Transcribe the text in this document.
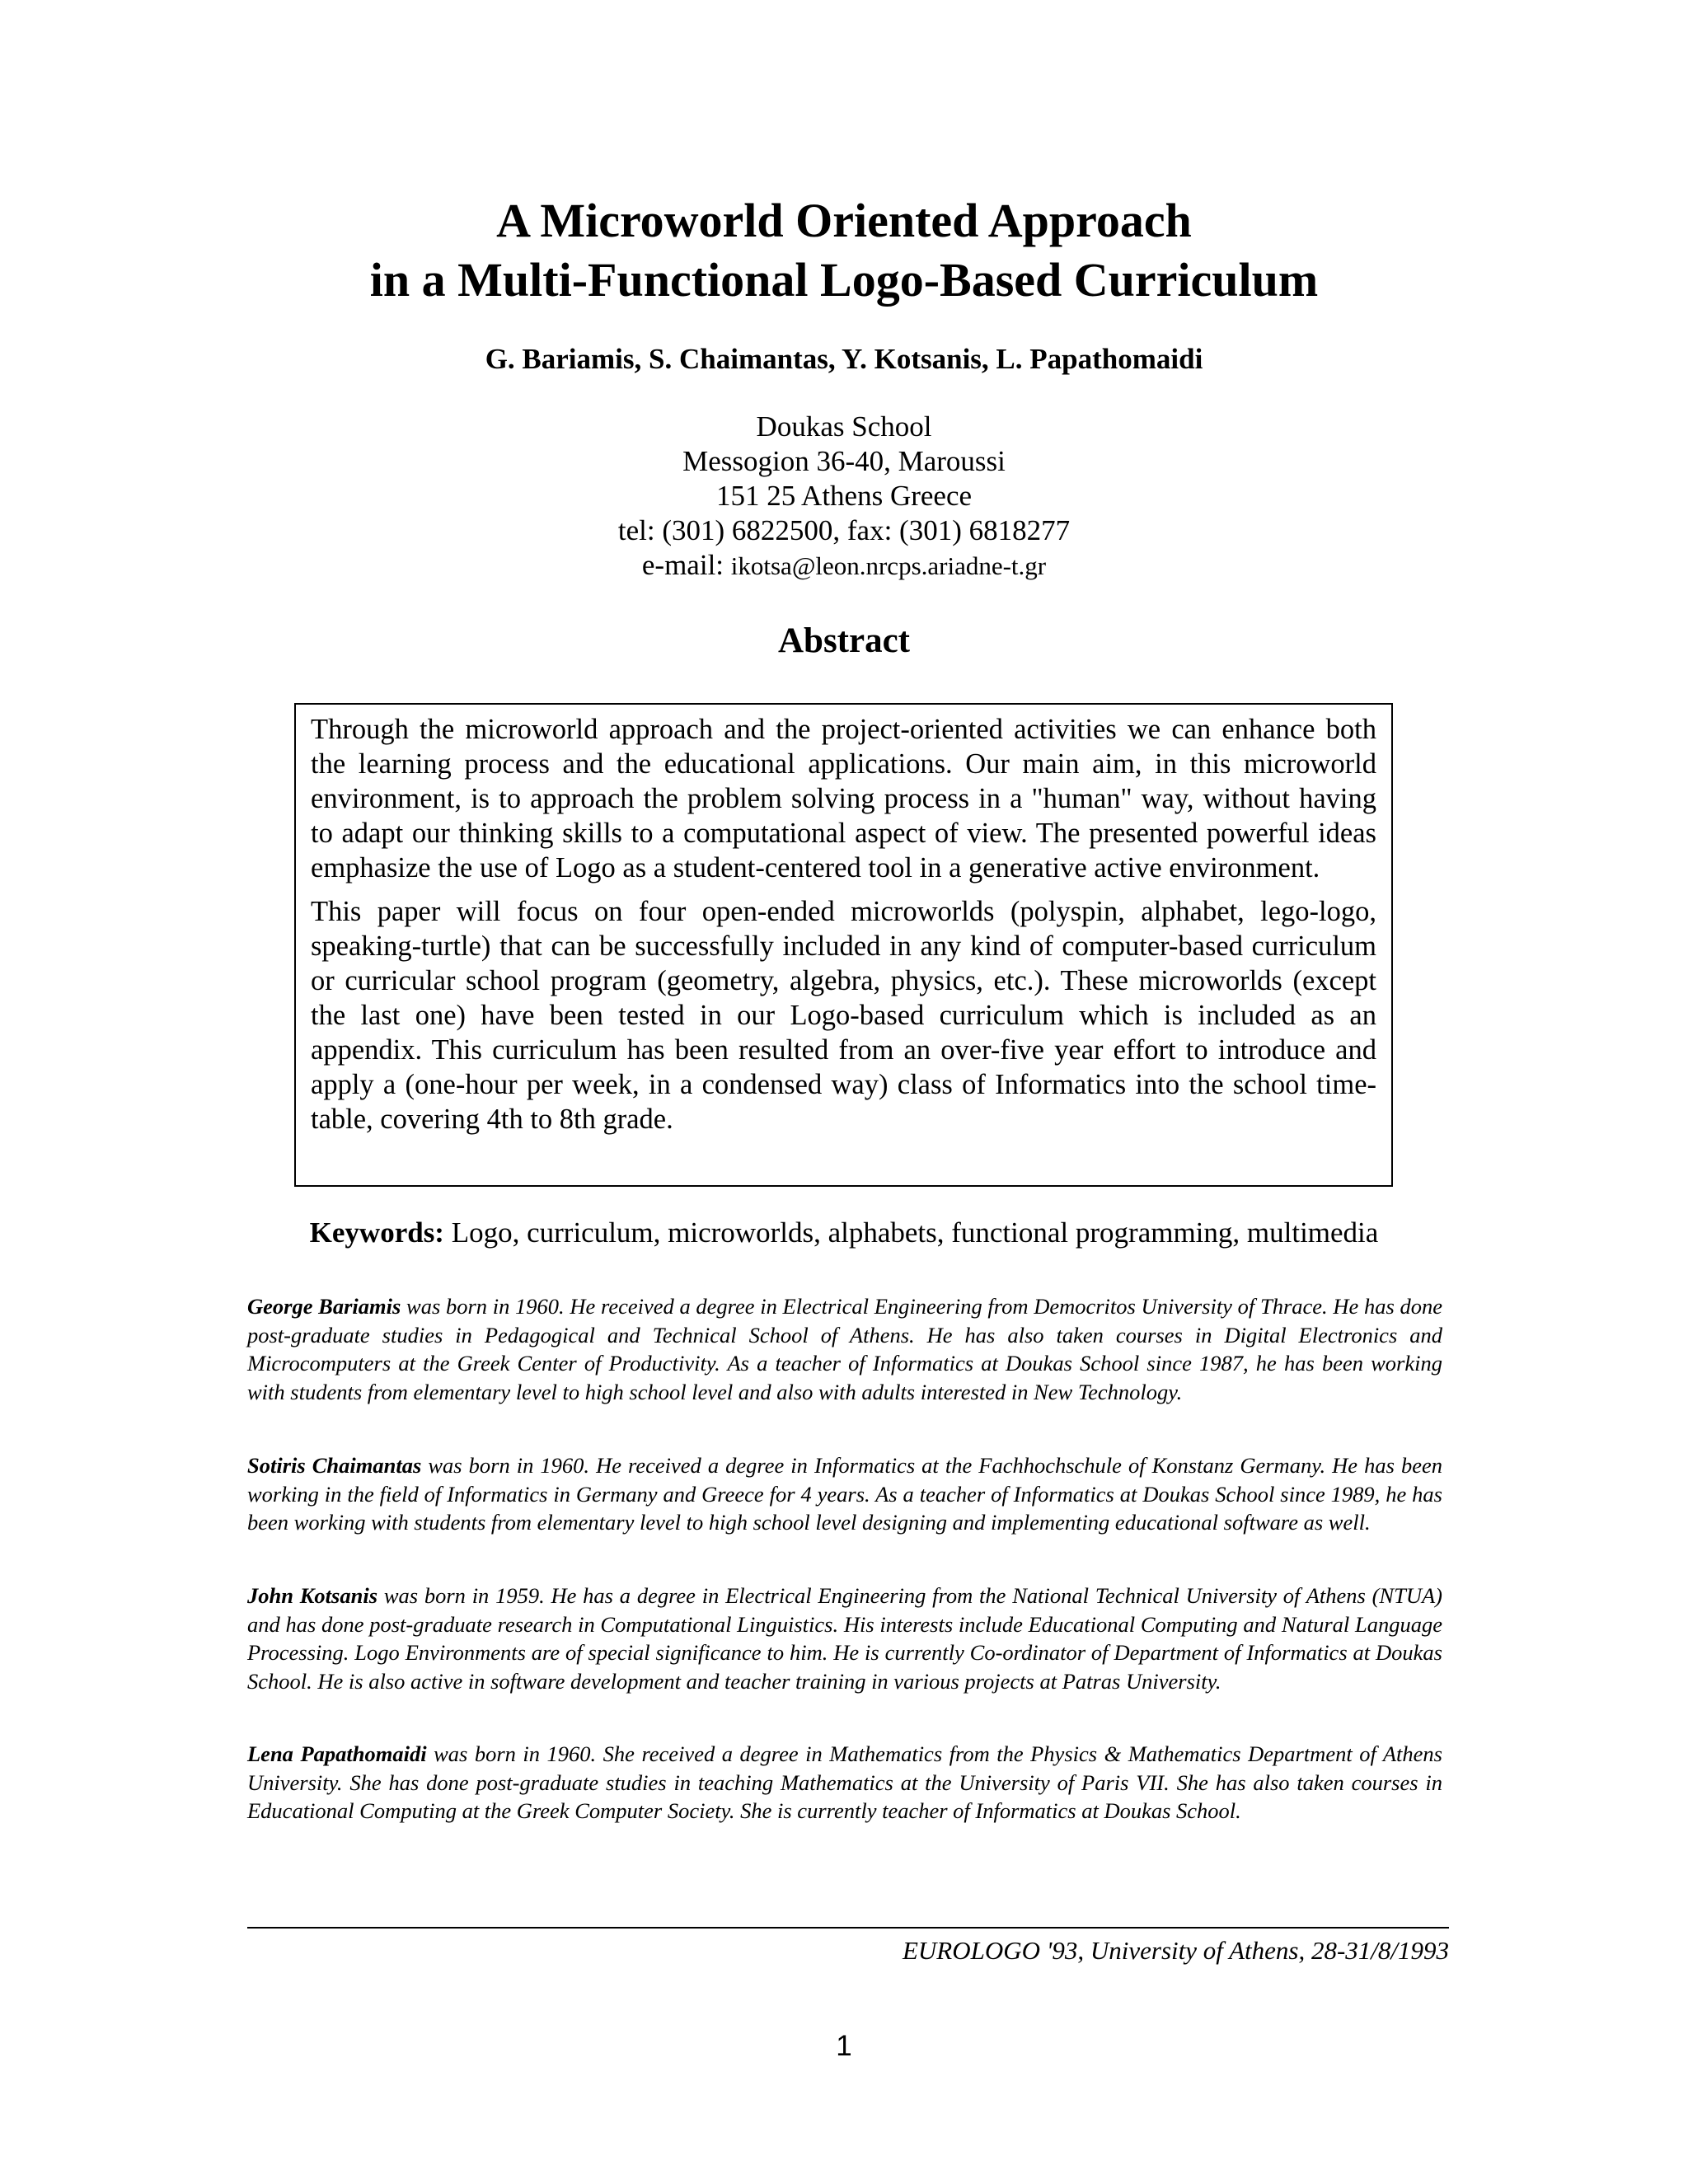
A Microworld Oriented Approach
in a Multi-Functional Logo-Based Curriculum
G. Bariamis, S. Chaimantas, Y. Kotsanis, L. Papathomaidi
Doukas School
Messogion 36-40, Maroussi
151 25 Athens Greece
tel: (301) 6822500, fax: (301) 6818277
e-mail: ikotsa@leon.nrcps.ariadne-t.gr
Abstract

Through the microworld approach and the project-oriented activities we can enhance both the learning process and the educational applications. Our main aim, in this microworld environment, is to approach the problem solving process in a "human" way, without having to adapt our thinking skills to a computational aspect of view. The presented powerful ideas emphasize the use of Logo as a student-centered tool in a generative active environment.

This paper will focus on four open-ended microworlds (polyspin, alphabet, lego-logo, speaking-turtle) that can be successfully included in any kind of computer-based curriculum or curricular school program (geometry, algebra, physics, etc.). These microworlds (except the last one) have been tested in our Logo-based curriculum which is included as an appendix. This curriculum has been resulted from an over-five year effort to introduce and apply a (one-hour per week, in a condensed way) class of Informatics into the school time-table, covering 4th to 8th grade.

Keywords: Logo, curriculum, microworlds, alphabets, functional programming, multimedia
George Bariamis was born in 1960. He received a degree in Electrical Engineering from Democritos University of Thrace. He has done post-graduate studies in Pedagogical and Technical School of Athens. He has also taken courses in Digital Electronics and Microcomputers at the Greek Center of Productivity. As a teacher of Informatics at Doukas School since 1987, he has been working with students from elementary level to high school level and also with adults interested in New Technology.
Sotiris Chaimantas was born in 1960. He received a degree in Informatics at the Fachhochschule of Konstanz Germany. He has been working in the field of Informatics in Germany and Greece for 4 years. As a teacher of Informatics at Doukas School since 1989, he has been working with students from elementary level to high school level designing and implementing educational software as well.
John Kotsanis was born in 1959. He has a degree in Electrical Engineering from the National Technical University of Athens (NTUA) and has done post-graduate research in Computational Linguistics. His interests include Educational Computing and Natural Language Processing. Logo Environments are of special significance to him. He is currently Co-ordinator of Department of Informatics at Doukas School. He is also active in software development and teacher training in various projects at Patras University.
Lena Papathomaidi was born in 1960. She received a degree in Mathematics from the Physics & Mathematics Department of Athens University. She has done post-graduate studies in teaching Mathematics at the University of Paris VII. She has also taken courses in Educational Computing at the Greek Computer Society. She is currently teacher of Informatics at Doukas School.
EUROLOGO '93, University of Athens, 28-31/8/1993
1
